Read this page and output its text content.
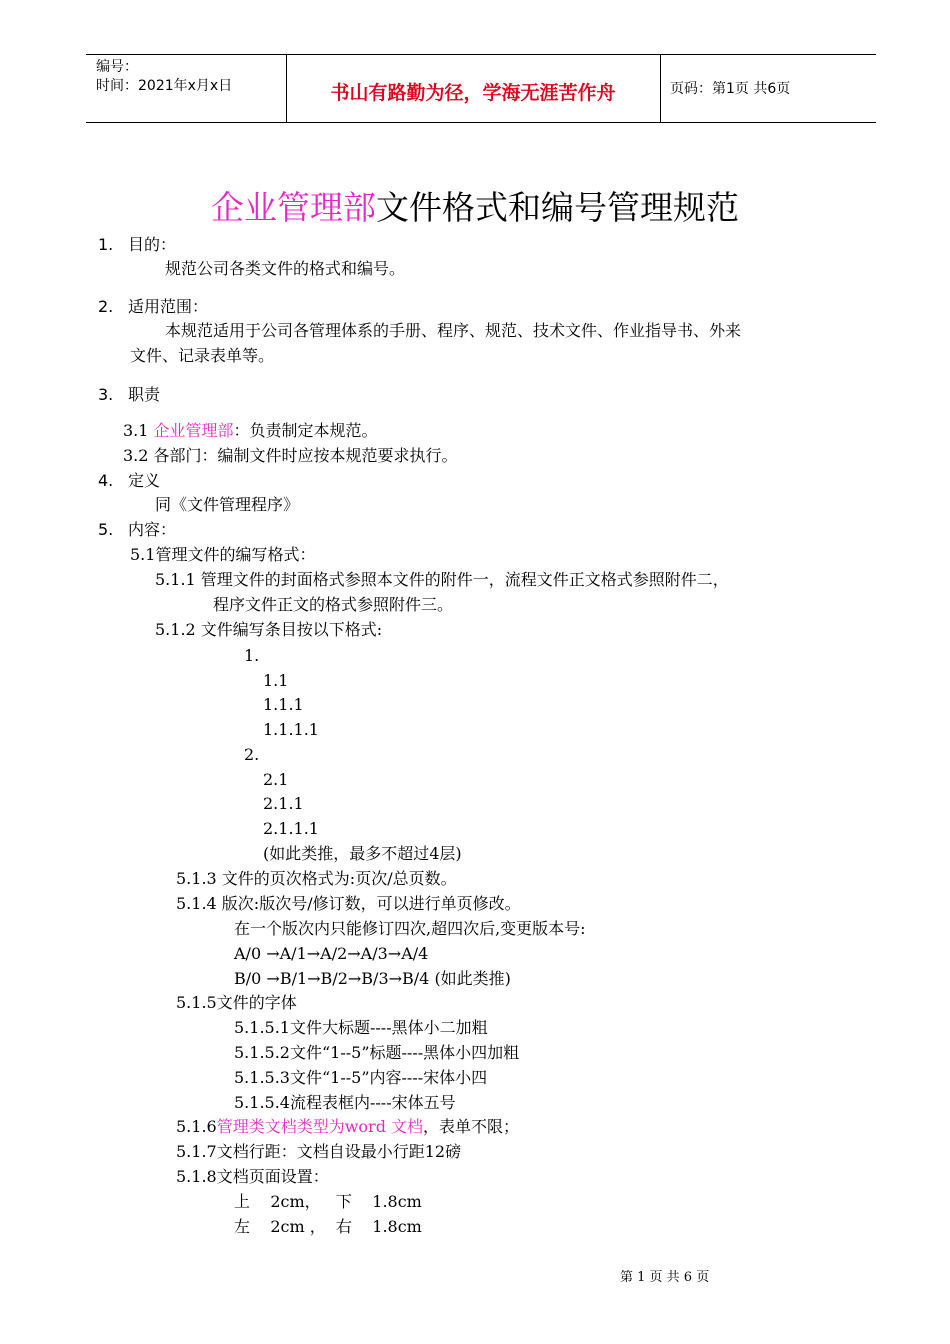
编号：
时间：2021年x月x日	书山有路勤为径，学海无涯苦作舟	页码：第1页 共6页
企业管理部文件格式和编号管理规范
1. 目的：
规范公司各类文件的格式和编号。
2. 适用范围：
本规范适用于公司各管理体系的手册、程序、规范、技术文件、作业指导书、外来
文件、记录表单等。
3. 职责
3.1 企业管理部：负责制定本规范。
3.2 各部门：编制文件时应按本规范要求执行。
4. 定义
同《文件管理程序》
5. 内容：
5.1管理文件的编写格式：
5.1.1 管理文件的封面格式参照本文件的附件一，流程文件正文格式参照附件二，
程序文件正文的格式参照附件三。
5.1.2 文件编写条目按以下格式:
1.
1.1
1.1.1
1.1.1.1
2.
2.1
2.1.1
2.1.1.1
(如此类推，最多不超过4层)
5.1.3 文件的页次格式为:页次/总页数。
5.1.4 版次:版次号/修订数，可以进行单页修改。
在一个版次内只能修订四次,超四次后,变更版本号:
A/0 →A/1→A/2→A/3→A/4
B/0 →B/1→B/2→B/3→B/4 (如此类推)
5.1.5文件的字体
5.1.5.1文件大标题----黑体小二加粗
5.1.5.2文件“1--5”标题----黑体小四加粗
5.1.5.3文件“1--5”内容----宋体小四
5.1.5.4流程表框内----宋体五号
5.1.6管理类文档类型为word 文档，表单不限；
5.1.7文档行距：文档自设最小行距12磅
5.1.8文档页面设置：
上    2cm，   下    1.8cm
左    2cm ，  右    1.8cm
第 1 页 共 6 页
